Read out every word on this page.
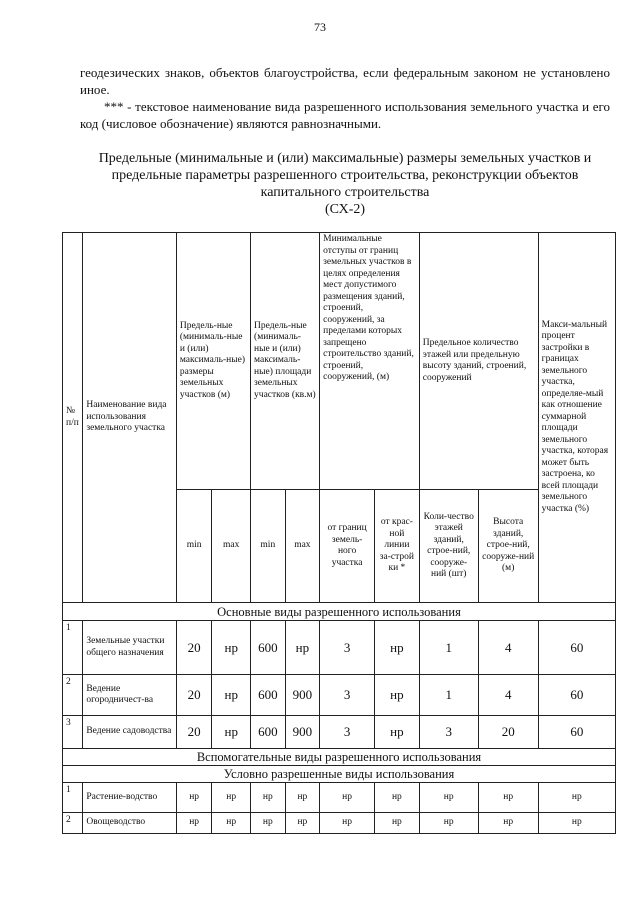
73
геодезических знаков, объектов благоустройства, если федеральным законом не установлено иное.
*** - текстовое наименование вида разрешенного использования земельного участка и его код (числовое обозначение) являются равнозначными.
Предельные (минимальные и (или) максимальные) размеры земельных участков и
предельные параметры разрешенного строительства, реконструкции объектов
капитального строительства
(СХ-2)
№ п/п	Наименование вида использования земельного участка	Предель-ные (минималь-ные и (или) максималь-ные) размеры земельных участков (м)		Предель-ные (минималь-ные и (или) максималь-ные) площади земельных участков (кв.м)		Минимальные отступы от границ земельных участков в целях определения мест допустимого размещения зданий, строений, сооружений, за пределами которых запрещено строительство зданий, строений, сооружений, (м)		Предельное количество этажей или предельную высоту зданий, строений, сооружений		Макси-мальный процент застройки в границах земельного участка, определяе-мый как отношение суммарной площади земельного участка, которая может быть застроена, ко всей площади земельного участка (%)
		min	max	min	max	от границ земель-ного участка	от крас-ной линии за-строй ки *	Коли-чество этажей зданий, строе-ний, сооруже-ний (шт)	Высота зданий, строе-ний, сооруже-ний (м)	
Основные виды разрешенного использования										
1	Земельные участки общего назначения	20	нр	600	нр	3	нр	1	4	60
2	Ведение огородничест-ва	20	нр	600	900	3	нр	1	4	60
3	Ведение садоводства	20	нр	600	900	3	нр	3	20	60
Вспомогательные виды разрешенного использования										
Условно разрешенные виды использования										
1	Растение-водство	нр	нр	нр	нр	нр	нр	нр	нр	нр
2	Овощеводство	нр	нр	нр	нр	нр	нр	нр	нр	нр
